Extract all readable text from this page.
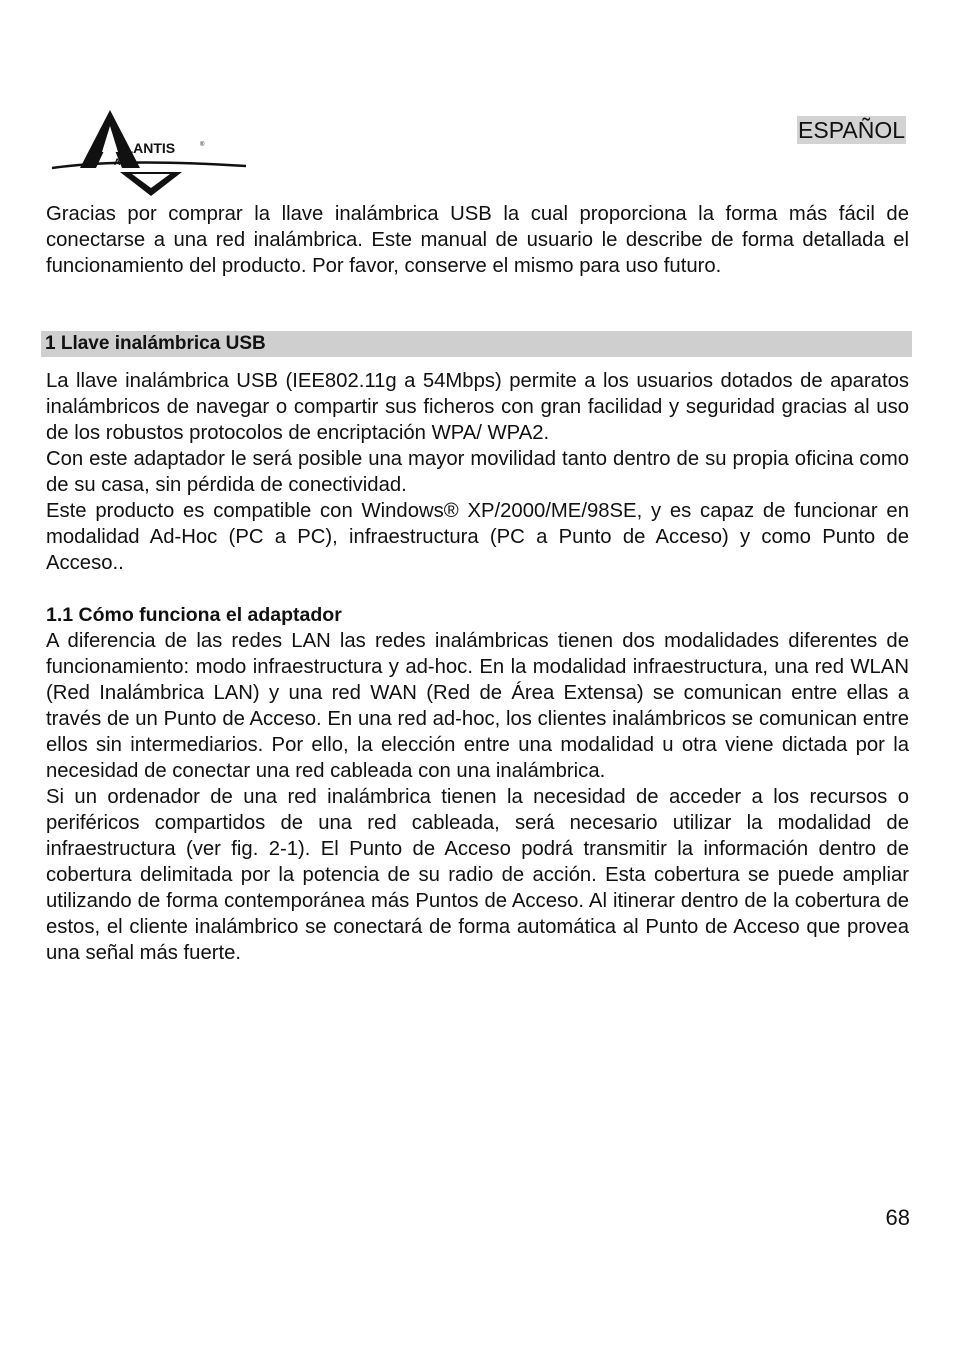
TLANTIS	®
AND
ESPAÑOL

Gracias por comprar la llave inalámbrica USB la cual proporciona la forma más fácil de conectarse a una red inalámbrica. Este manual de usuario le describe de forma detallada el funcionamiento del producto. Por favor, conserve el mismo para uso futuro.

1 Llave inalámbrica USB

La llave inalámbrica USB (IEE802.11g a 54Mbps) permite a los usuarios dotados de aparatos inalámbricos de navegar o compartir sus ficheros con gran facilidad y seguridad gracias al uso de los robustos protocolos de encriptación WPA/ WPA2.

Con este adaptador le será posible una mayor movilidad tanto dentro de su propia oficina como de su casa, sin pérdida de conectividad.

Este producto es compatible con Windows® XP/2000/ME/98SE, y es capaz de funcionar en modalidad Ad-Hoc (PC a PC), infraestructura (PC a Punto de Acceso) y como Punto de Acceso..

1.1 Cómo funciona el adaptador

A diferencia de las redes LAN las redes inalámbricas tienen dos modalidades diferentes de funcionamiento: modo infraestructura y ad-hoc. En la modalidad infraestructura, una red WLAN (Red Inalámbrica LAN) y una red WAN (Red de Área Extensa) se comunican entre ellas a través de un Punto de Acceso. En una red ad-hoc, los clientes inalámbricos se comunican entre ellos sin intermediarios. Por ello, la elección entre una modalidad u otra viene dictada por la necesidad de conectar una red cableada con una inalámbrica.

Si un ordenador de una red inalámbrica tienen la necesidad de acceder a los recursos o periféricos compartidos de una red cableada, será necesario utilizar la modalidad de infraestructura (ver fig. 2-1). El Punto de Acceso podrá transmitir la información dentro de cobertura delimitada por la potencia de su radio de acción. Esta cobertura se puede ampliar utilizando de forma contemporánea más Puntos de Acceso. Al itinerar dentro de la cobertura de estos, el cliente inalámbrico se conectará de forma automática al Punto de Acceso que provea una señal más fuerte.

68
